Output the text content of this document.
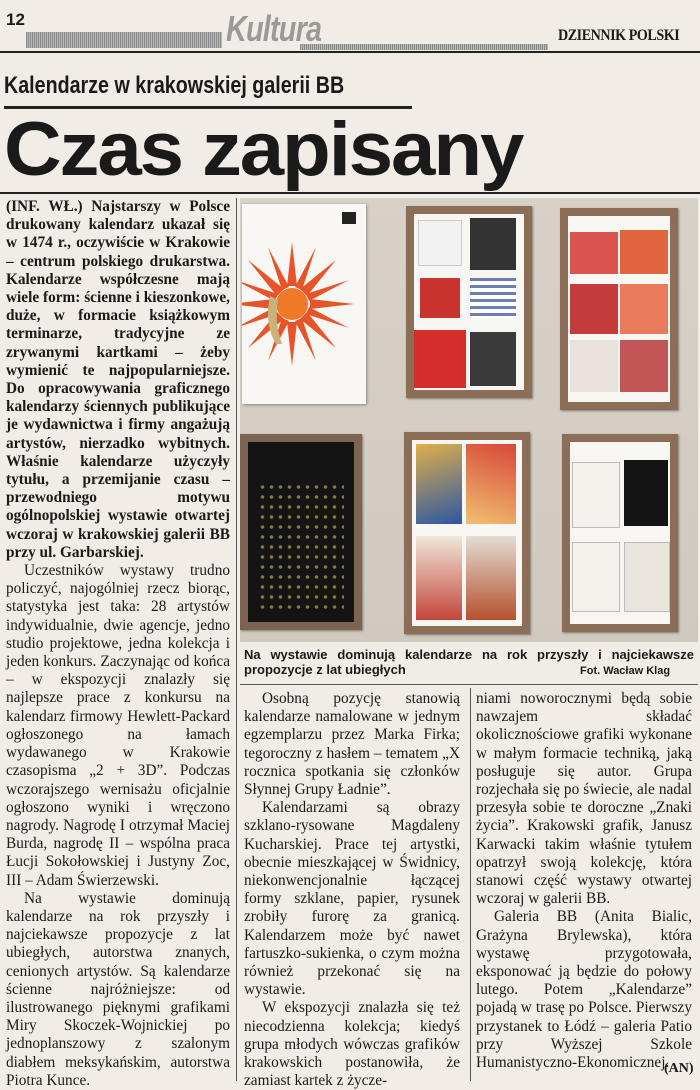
12	Kultura	DZIENNIK POLSKI
Kalendarze w krakowskiej galerii BB
Czas zapisany

(INF. WŁ.) Najstarszy w Polsce drukowany kalendarz ukazał się w 1474 r., oczywiście w Krakowie – centrum polskiego drukarstwa. Kalendarze współczesne mają wiele form: ścienne i kieszonkowe, duże, w formacie książkowym terminarze, tradycyjne ze zrywanymi kartkami – żeby wymienić te najpopularniejsze. Do opracowywania graficznego kalendarzy ściennych publikujące je wydawnictwa i firmy angażują artystów, nierzadko wybitnych. Właśnie kalendarze użyczyły tytułu, a przemijanie czasu – przewodniego motywu ogólnopolskiej wystawie otwartej wczoraj w krakowskiej galerii BB przy ul. Garbarskiej.

Uczestników wystawy trudno policzyć, najogólniej rzecz biorąc, statystyka jest taka: 28 artystów indywidualnie, dwie agencje, jedno studio projektowe, jedna kolekcja i jeden konkurs. Zaczynając od końca – w ekspozycji znalazły się najlepsze prace z konkursu na kalendarz firmowy Hewlett-Packard ogłoszonego na łamach wydawanego w Krakowie czasopisma „2 + 3D”. Podczas wczorajszego wernisażu oficjalnie ogłoszono wyniki i wręczono nagrody. Nagrodę I otrzymał Maciej Burda, nagrodę II – wspólna praca Łucji Sokołowskiej i Justyny Zoc, III – Adam Świerzewski.

Na wystawie dominują kalendarze na rok przyszły i najciekawsze propozycje z lat ubiegłych, autorstwa znanych, cenionych artystów. Są kalendarze ścienne najróżniejsze: od ilustrowanego pięknymi grafikami Miry Skoczek-Wojnickiej po jednoplanszowy z szalonym diabłem meksykańskim, autorstwa Piotra Kunce.

Na wystawie dominują kalendarze na rok przyszły i najciekawsze propozycje z lat ubiegłych	Fot. Wacław Klag

Osobną pozycję stanowią kalendarze namalowane w jednym egzemplarzu przez Marka Firka; tegoroczny z hasłem – tematem „X rocznica spotkania się członków Słynnej Grupy Ładnie”.

Kalendarzami są obrazy szklano-rysowane Magdaleny Kucharskiej. Prace tej artystki, obecnie mieszkającej w Świdnicy, niekonwencjonalnie łączącej formy szklane, papier, rysunek zrobiły furorę za granicą. Kalendarzem może być nawet fartuszko-sukienka, o czym można również przekonać się na wystawie.

W ekspozycji znalazła się też niecodzienna kolekcja; kiedyś grupa młodych wówczas grafików krakowskich postanowiła, że zamiast kartek z życze-

niami noworocznymi będą sobie nawzajem składać okolicznościowe grafiki wykonane w małym formacie techniką, jaką posługuje się autor. Grupa rozjechała się po świecie, ale nadal przesyła sobie te doroczne „Znaki życia”. Krakowski grafik, Janusz Karwacki takim właśnie tytułem opatrzył swoją kolekcję, która stanowi część wystawy otwartej wczoraj w galerii BB.

Galeria BB (Anita Bialic, Grażyna Brylewska), która wystawę przygotowała, eksponować ją będzie do połowy lutego. Potem „Kalendarze” pojadą w trasę po Polsce. Pierwszy przystanek to Łódź – galeria Patio przy Wyższej Szkole Humanistyczno-Ekonomicznej.

(AN)
